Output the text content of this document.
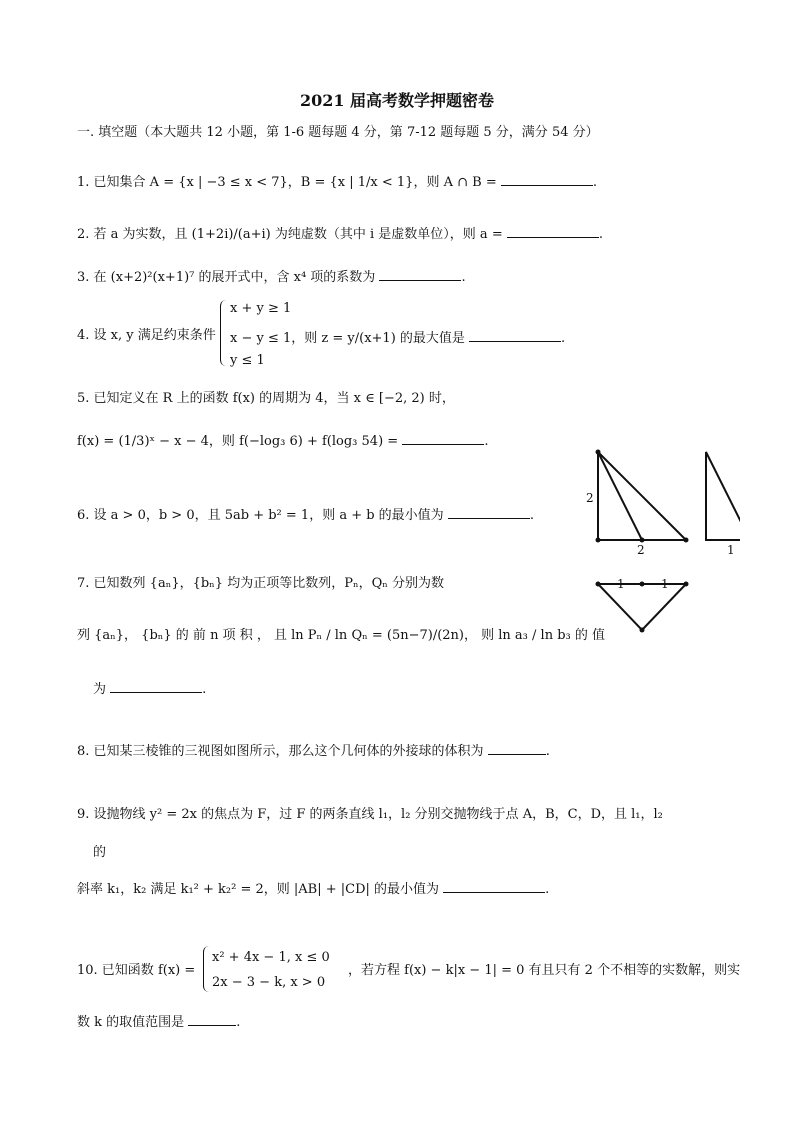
2021 届高考数学押题密卷
一. 填空题（本大题共 12 小题，第 1-6 题每题 4 分，第 7-12 题每题 5 分，满分 54 分）
1. 已知集合 A = {x | −3 ≤ x < 7}，B = {x | 1/x < 1}，则 A ∩ B =	.
2. 若 a 为实数，且 (1+2i)/(a+i) 为纯虚数（其中 i 是虚数单位），则 a =	.
3. 在 (x+2)²(x+1)⁷ 的展开式中，含 x⁴ 项的系数为	.
4. 设 x, y 满足约束条件
x + y ≥ 1
x − y ≤ 1，则 z = y/(x+1) 的最大值是	.
y ≤ 1
5. 已知定义在 R 上的函数 f(x) 的周期为 4，当 x ∈ [−2, 2) 时，
f(x) = (1/3)ˣ − x − 4，则 f(−log₃ 6) + f(log₃ 54) =	.
6. 设 a > 0，b > 0，且 5ab + b² = 1，则 a + b 的最小值为	.
7. 已知数列 {aₙ}，{bₙ} 均为正项等比数列，Pₙ，Qₙ 分别为数
列 {aₙ}， {bₙ} 的 前 n 项 积 ， 且 ln Pₙ / ln Qₙ = (5n−7)/(2n)， 则 ln a₃ / ln b₃ 的 值
为	.
8. 已知某三棱锥的三视图如图所示，那么这个几何体的外接球的体积为	.
9. 设抛物线 y² = 2x 的焦点为 F，过 F 的两条直线 l₁，l₂ 分别交抛物线于点 A，B，C，D，且 l₁，l₂
的
斜率 k₁，k₂ 满足 k₁² + k₂² = 2，则 |AB| + |CD| 的最小值为	.
10. 已知函数 f(x) =
x² + 4x − 1, x ≤ 0
2x − 3 − k, x > 0
，若方程 f(x) − k|x − 1| = 0 有且只有 2 个不相等的实数解，则实
数 k 的取值范围是	.
2
2	1
1	1
